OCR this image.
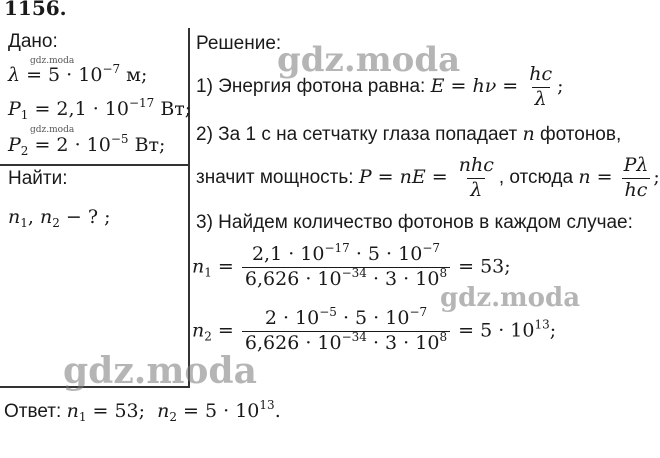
1156.
Дано:
$\lambda = 5 \cdot 10^{-7}$ м;
$P_1 = 2,1 \cdot 10^{-17}$ Вт;
$P_2 = 2 \cdot 10^{-5}$ Вт;
Найти:
$n_1$, $n_2$ − ? ;
Решение:
1) Энергия фотона равна: $E = h\nu = \frac{hc}{\lambda}$ ;
2) За 1 с на сетчатку глаза попадает n фотонов,
значит мощность: P = nE = $\frac{\text{nhc}}{\lambda}$ , отсюда $n = \frac{P\lambda}{hc}$ ;
3) Найдем количество фотонов в каждом случае:
$n_1 = \frac{2,1 \cdot 10^{-17} \cdot 5 \cdot 10^{-7}}{6,626 \cdot 10^{-34} \cdot 3 \cdot 10^8} = 53$;
$n_2 = \frac{2 \cdot 10^{-5} \cdot 5 \cdot 10^{-7}}{6,626 \cdot 10^{-34} \cdot 3 \cdot 10^8} = 5 \cdot 10^{13}$;
Ответ: $n_1 = 53$; $n_2 = 5 \cdot 10^{13}$.
gdz.moda
gdz.moda
gdz.moda
gdz.moda
gdz.moda
